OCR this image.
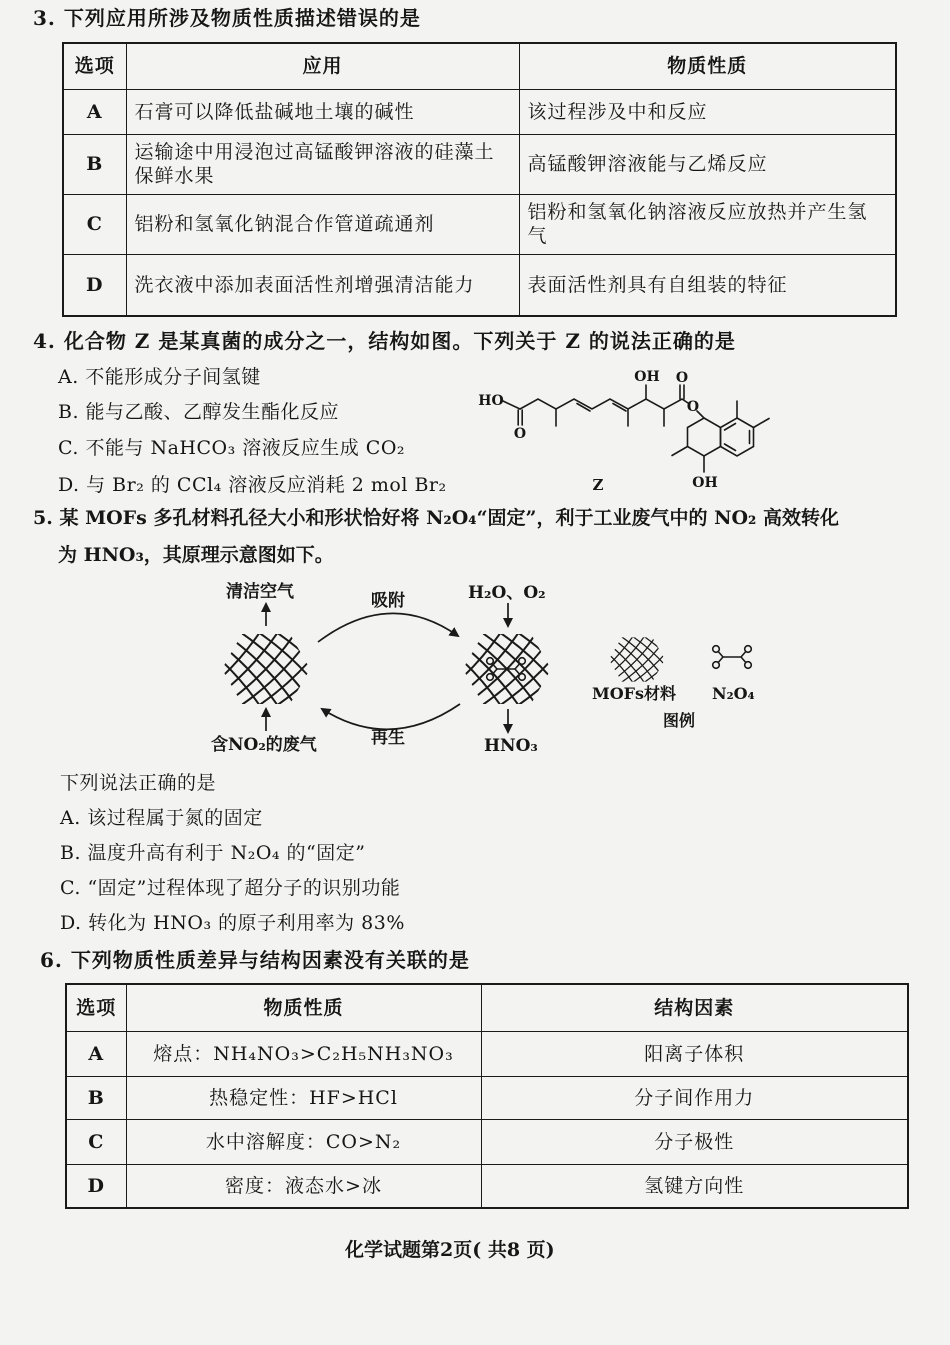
3. 下列应用所涉及物质性质描述错误的是
选项	应用	物质性质
A	石膏可以降低盐碱地土壤的碱性	该过程涉及中和反应
B	运输途中用浸泡过高锰酸钾溶液的硅藻土保鲜水果	高锰酸钾溶液能与乙烯反应
C	铝粉和氢氧化钠混合作管道疏通剂	铝粉和氢氧化钠溶液反应放热并产生氢气
D	洗衣液中添加表面活性剂增强清洁能力	表面活性剂具有自组装的特征
4. 化合物 Z 是某真菌的成分之一，结构如图。下列关于 Z 的说法正确的是
A. 不能形成分子间氢键
B. 能与乙酸、乙醇发生酯化反应
C. 不能与 NaHCO₃ 溶液反应生成 CO₂
D. 与 Br₂ 的 CCl₄ 溶液反应消耗 2 mol Br₂
HO
O
OH O
O
OH
Z
5. 某 MOFs 多孔材料孔径大小和形状恰好将 N₂O₄“固定”，利于工业废气中的 NO₂ 高效转化
为 HNO₃，其原理示意图如下。
清洁空气	吸附	H₂O、O₂
含NO₂的废气	再生	HNO₃
MOFs材料 N₂O₄
图例
下列说法正确的是
A. 该过程属于氮的固定
B. 温度升高有利于 N₂O₄ 的“固定”
C. “固定”过程体现了超分子的识别功能
D. 转化为 HNO₃ 的原子利用率为 83%
6. 下列物质性质差异与结构因素没有关联的是
选项	物质性质	结构因素
A	熔点：NH₄NO₃>C₂H₅NH₃NO₃	阳离子体积
B	热稳定性：HF>HCl	分子间作用力
C	水中溶解度：CO>N₂	分子极性
D	密度：液态水>冰	氢键方向性
化学试题第2页( 共8 页)
